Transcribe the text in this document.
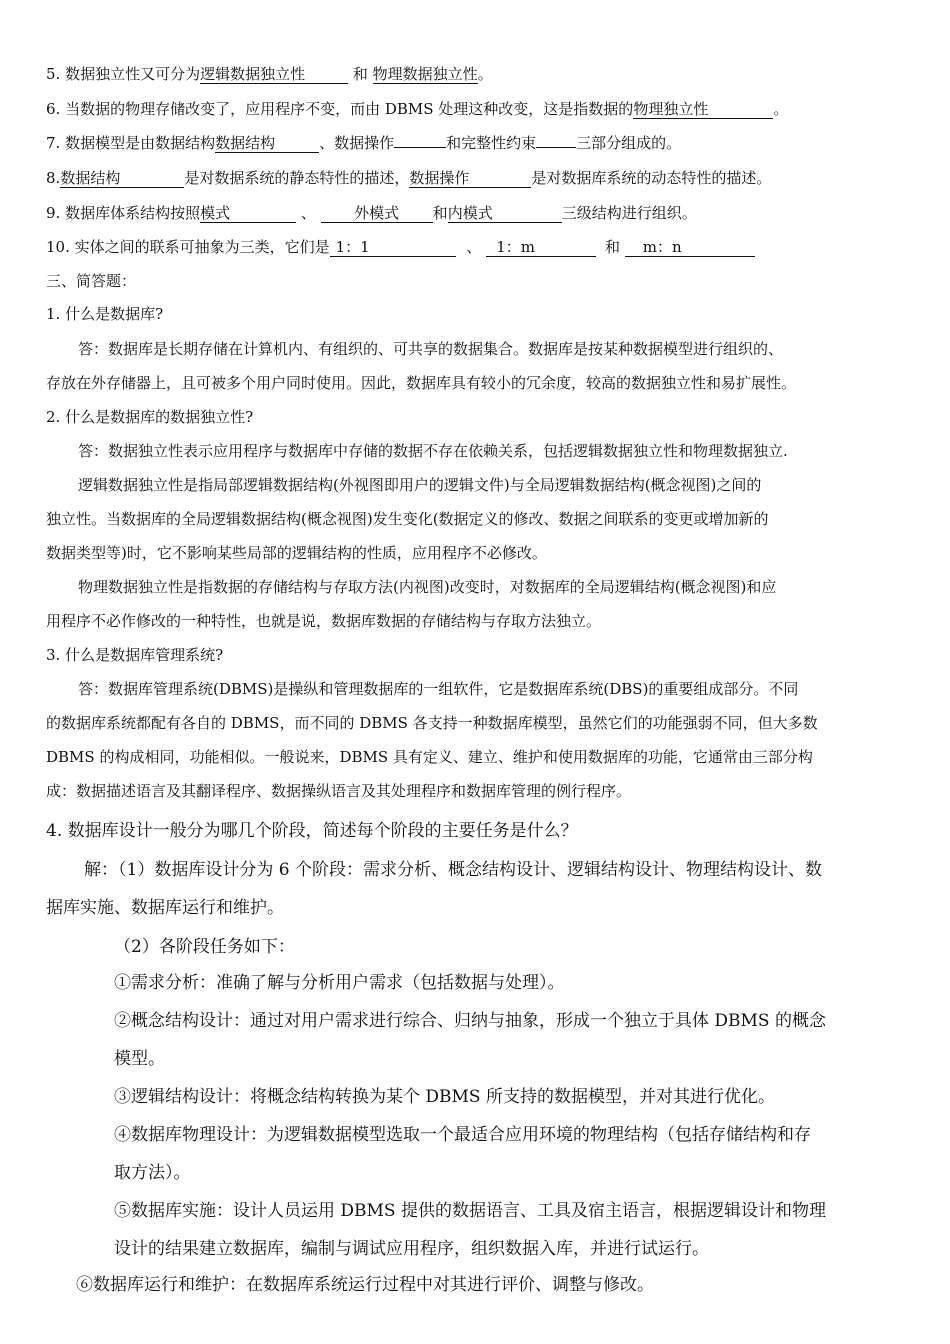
5. 数据独立性又可分为逻辑数据独立性	和 物理数据独立性。
6. 当数据的物理存储改变了，应用程序不变，而由 DBMS 处理这种改变，这是指数据的物理独立性	。
7. 数据模型是由数据结构数据结构	、数据操作	和完整性约束	三部分组成的。
8.数据结构	是对数据系统的静态特性的描述，数据操作	是对数据库系统的动态特性的描述。
9. 数据库体系结构按照模式	、	外模式 和内模式	三级结构进行组织。
10. 实体之间的联系可抽象为三类，它们是 1：1	、 1：m	和 m：n
三、简答题：
1. 什么是数据库?
答：数据库是长期存储在计算机内、有组织的、可共享的数据集合。数据库是按某种数据模型进行组织的、
存放在外存储器上，且可被多个用户同时使用。因此，数据库具有较小的冗余度，较高的数据独立性和易扩展性。
2. 什么是数据库的数据独立性?
答：数据独立性表示应用程序与数据库中存储的数据不存在依赖关系，包括逻辑数据独立性和物理数据独立.
逻辑数据独立性是指局部逻辑数据结构(外视图即用户的逻辑文件)与全局逻辑数据结构(概念视图)之间的
独立性。当数据库的全局逻辑数据结构(概念视图)发生变化(数据定义的修改、数据之间联系的变更或增加新的
数据类型等)时，它不影响某些局部的逻辑结构的性质，应用程序不必修改。
物理数据独立性是指数据的存储结构与存取方法(内视图)改变时，对数据库的全局逻辑结构(概念视图)和应
用程序不必作修改的一种特性，也就是说，数据库数据的存储结构与存取方法独立。
3. 什么是数据库管理系统?
答：数据库管理系统(DBMS)是操纵和管理数据库的一组软件，它是数据库系统(DBS)的重要组成部分。不同
的数据库系统都配有各自的 DBMS，而不同的 DBMS 各支持一种数据库模型，虽然它们的功能强弱不同，但大多数
DBMS 的构成相同，功能相似。一般说来，DBMS 具有定义、建立、维护和使用数据库的功能，它通常由三部分构
成：数据描述语言及其翻译程序、数据操纵语言及其处理程序和数据库管理的例行程序。
4. 数据库设计一般分为哪几个阶段，简述每个阶段的主要任务是什么？
解：（1）数据库设计分为 6 个阶段：需求分析、概念结构设计、逻辑结构设计、物理结构设计、数
据库实施、数据库运行和维护。
（2）各阶段任务如下：
①需求分析：准确了解与分析用户需求（包括数据与处理）。
②概念结构设计：通过对用户需求进行综合、归纳与抽象，形成一个独立于具体 DBMS 的概念
模型。
③逻辑结构设计：将概念结构转换为某个 DBMS 所支持的数据模型，并对其进行优化。
④数据库物理设计：为逻辑数据模型选取一个最适合应用环境的物理结构（包括存储结构和存
取方法）。
⑤数据库实施：设计人员运用 DBMS 提供的数据语言、工具及宿主语言，根据逻辑设计和物理
设计的结果建立数据库，编制与调试应用程序，组织数据入库，并进行试运行。
⑥数据库运行和维护：在数据库系统运行过程中对其进行评价、调整与修改。
